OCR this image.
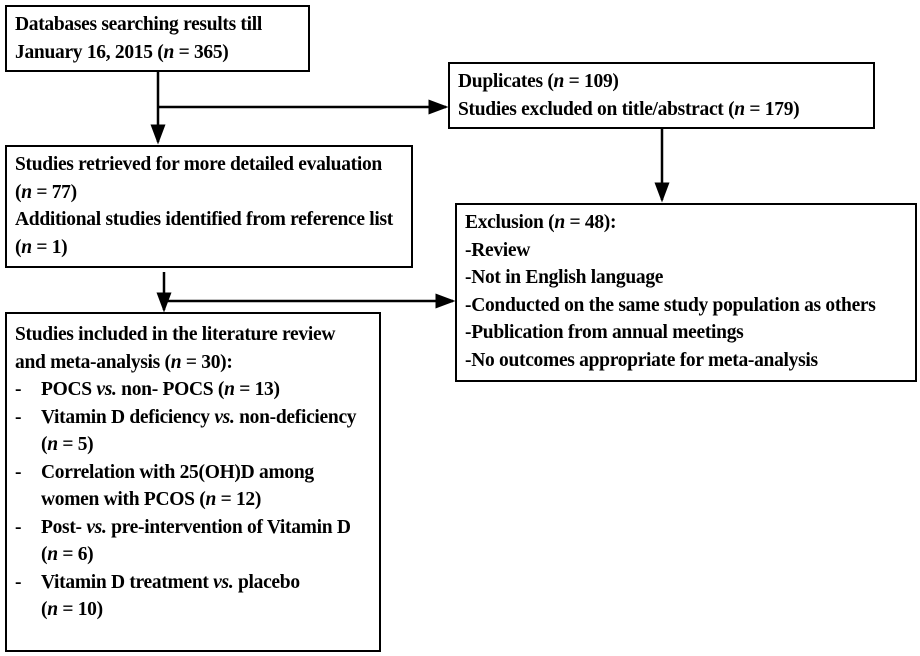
Databases searching results till
January 16, 2015 (n = 365)
Duplicates (n = 109)
Studies excluded on title/abstract (n = 179)
Studies retrieved for more detailed evaluation
(n = 77)
Additional studies identified from reference list
(n = 1)
Exclusion (n = 48):
-Review
-Not in English language
-Conducted on the same study population as others
-Publication from annual meetings
-No outcomes appropriate for meta-analysis
Studies included in the literature review
and meta-analysis (n = 30):
-	POCS vs. non- POCS (n = 13)
-	Vitamin D deficiency vs. non-deficiency
(n = 5)
-	Correlation with 25(OH)D among
women with PCOS (n = 12)
-	Post- vs. pre-intervention of Vitamin D
(n = 6)
-	Vitamin D treatment vs. placebo
(n = 10)
